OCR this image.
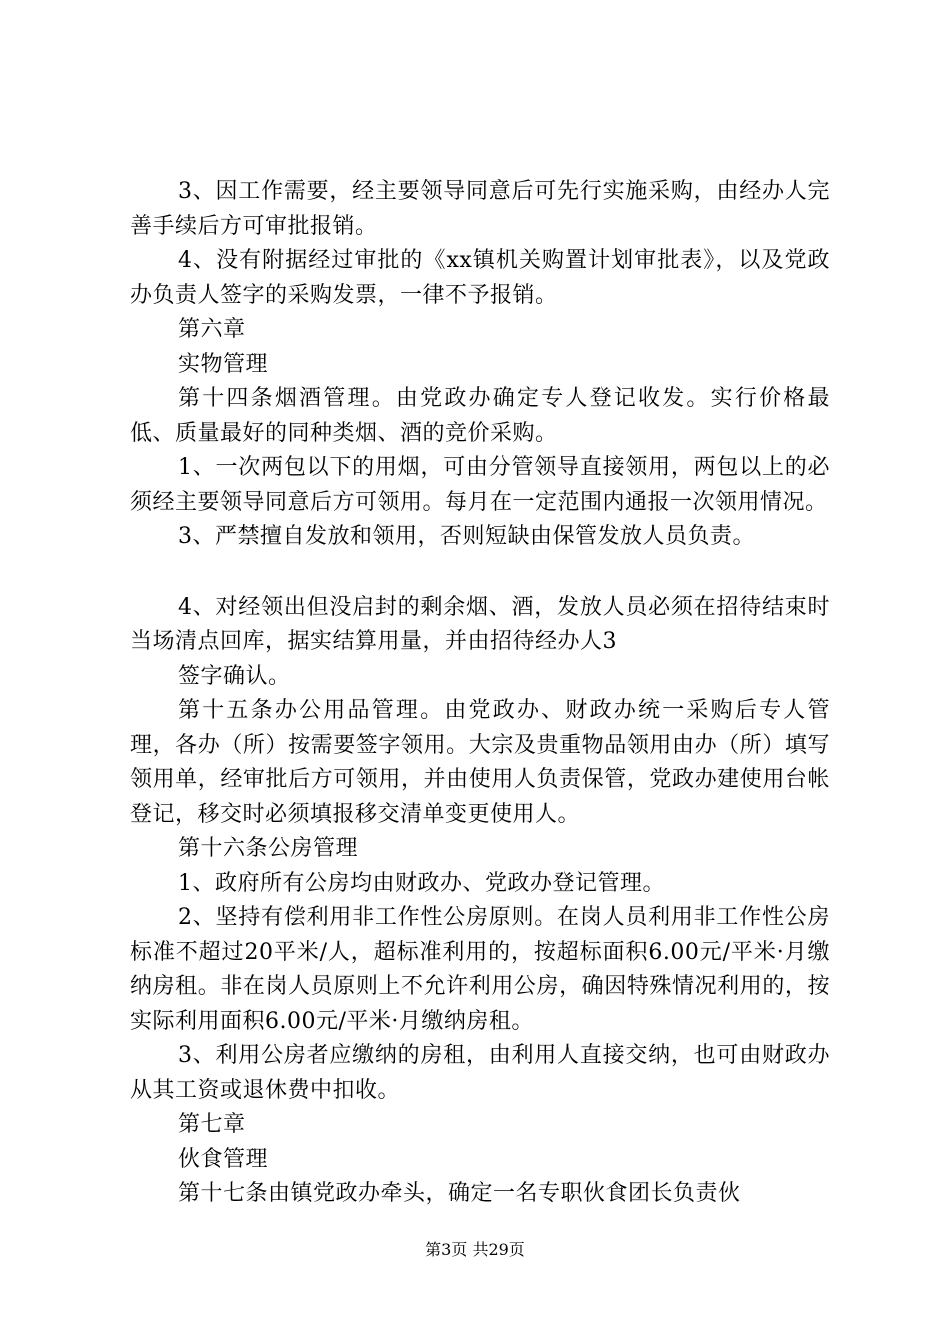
3、因工作需要，经主要领导同意后可先行实施采购，由经办人完善手续后方可审批报销。

4、没有附据经过审批的《xx镇机关购置计划审批表》，以及党政办负责人签字的采购发票，一律不予报销。

第六章

实物管理

第十四条烟酒管理。由党政办确定专人登记收发。实行价格最低、质量最好的同种类烟、酒的竞价采购。

1、一次两包以下的用烟，可由分管领导直接领用，两包以上的必须经主要领导同意后方可领用。每月在一定范围内通报一次领用情况。

3、严禁擅自发放和领用，否则短缺由保管发放人员负责。

4、对经领出但没启封的剩余烟、酒，发放人员必须在招待结束时当场清点回库，据实结算用量，并由招待经办人3

签字确认。

第十五条办公用品管理。由党政办、财政办统一采购后专人管理，各办（所）按需要签字领用。大宗及贵重物品领用由办（所）填写领用单，经审批后方可领用，并由使用人负责保管，党政办建使用台帐登记，移交时必须填报移交清单变更使用人。

第十六条公房管理

1、政府所有公房均由财政办、党政办登记管理。

2、坚持有偿利用非工作性公房原则。在岗人员利用非工作性公房标准不超过20平米/人，超标准利用的，按超标面积6.00元/平米·月缴纳房租。非在岗人员原则上不允许利用公房，确因特殊情况利用的，按实际利用面积6.00元/平米·月缴纳房租。

3、利用公房者应缴纳的房租，由利用人直接交纳，也可由财政办从其工资或退休费中扣收。

第七章

伙食管理

第十七条由镇党政办牵头，确定一名专职伙食团长负责伙

第3页 共29页
